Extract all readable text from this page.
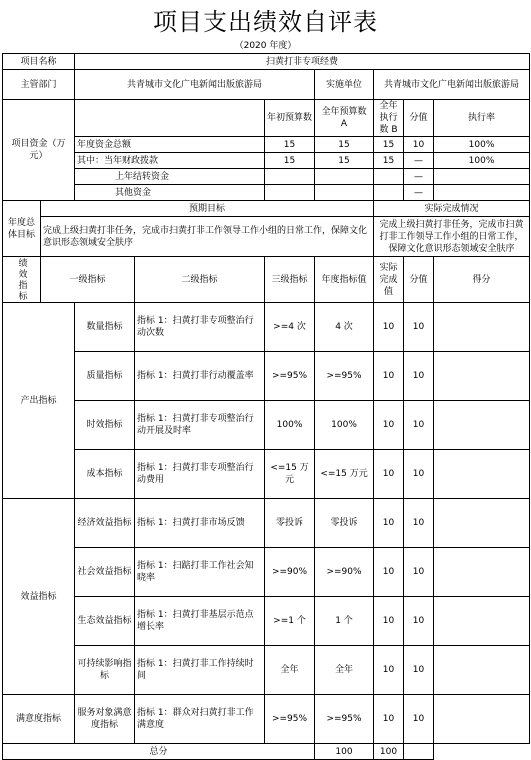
项目支出绩效自评表
（2020 年度）
项目名称		扫黄打非专项经费						
主管部门		共青城市文化广电新闻出版旅游局			实施单位	共青城市文化广电新闻出版旅游局		
项目资金（万元）				年初预算数	全年预算数 A	全年执行数 B	分值	执行率
		年度资金总额		15	15	15	10	100%
		其中：当年财政拨款		15	15	15	—	100%
		上年结转资金					—	
		其他资金					—	
年度总体目标	预期目标					实际完成情况		
	完成上级扫黄打非任务，完成市扫黄打非工作领导工作小组的日常工作，保障文化意识形态领域安全肤序					完成上级扫黄打非任务，完成市扫黄打非工作领导工作小组的日常工作，保障文化意识形态领域安全肤序		
绩效指标	一级指标		二级指标	三级指标	年度指标值	实际完成值	分值	得分
产出指标		数量指标	指标 1：扫黄打非专项整治行动次数	>=4 次	4 次	10	10	
		质量指标	指标 1：扫黄打非行动覆盖率	>=95%	>=95%	10	10	
		时效指标	指标 1：扫黄打非专项整治行动开展及时率	100%	100%	10	10	
		成本指标	指标 1：扫黄打非专项整治行动费用	<=15 万元	<=15 万元	10	10	
效益指标		经济效益指标	指标 1：扫黄打非市场反馈	零投诉	零投诉	10	10	
		社会效益指标	指标 1：扫踮打非工作社会知晓率	>=90%	>=90%	10	10	
		生态效益指标	指标 1：扫黄打非基层示范点增长率	>=1 个	1 个	10	10	
		可持续影响指标	指标 1：扫黄打非工作持续时间	全年	全年	10	10	
满意度指标		服务对象满意度指标	指标 1：群众对扫黄打非工作满意度	>=95%	>=95%	10	10	
总分					100	100		
